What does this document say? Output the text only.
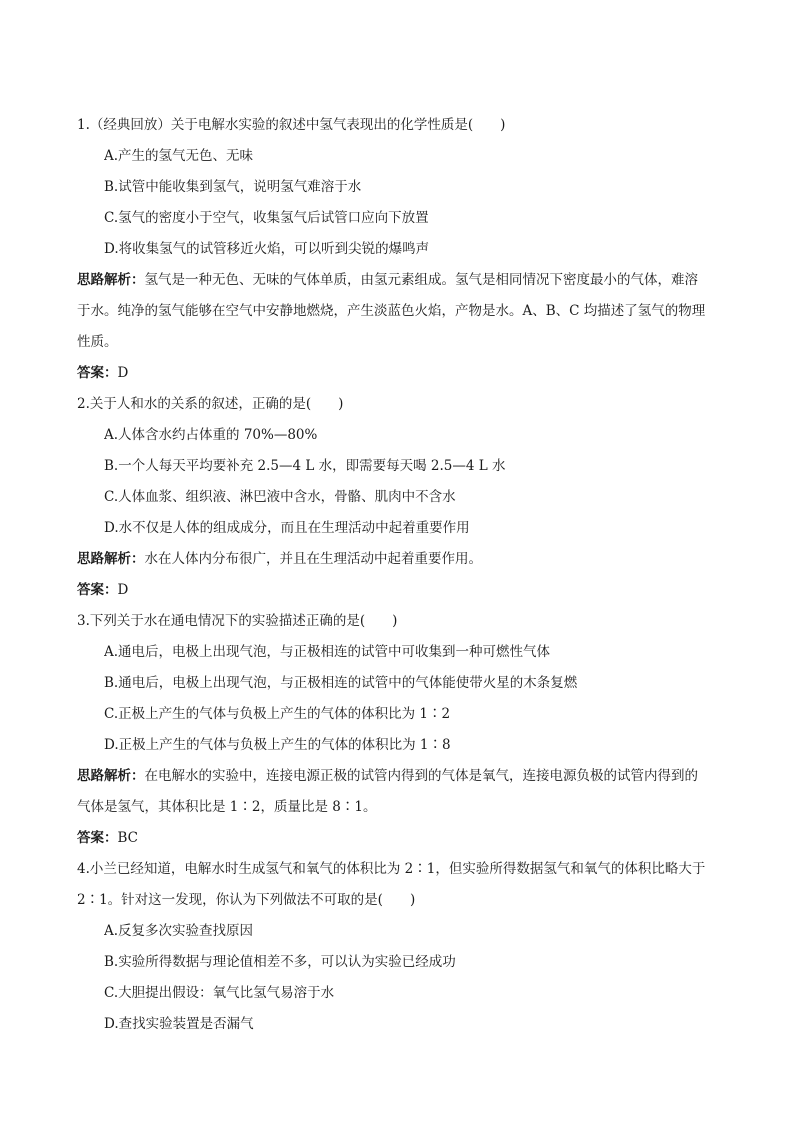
1.（经典回放）关于电解水实验的叙述中氢气表现出的化学性质是(　　)
A.产生的氢气无色、无味
B.试管中能收集到氢气，说明氢气难溶于水
C.氢气的密度小于空气，收集氢气后试管口应向下放置
D.将收集氢气的试管移近火焰，可以听到尖锐的爆鸣声
思路解析：氢气是一种无色、无味的气体单质，由氢元素组成。氢气是相同情况下密度最小的气体，难溶
于水。纯净的氢气能够在空气中安静地燃烧，产生淡蓝色火焰，产物是水。A、B、C 均描述了氢气的物理
性质。
答案：D
2.关于人和水的关系的叙述，正确的是(　　)
A.人体含水约占体重的 70%—80%
B.一个人每天平均要补充 2.5—4 L 水，即需要每天喝 2.5—4 L 水
C.人体血浆、组织液、淋巴液中含水，骨骼、肌肉中不含水
D.水不仅是人体的组成成分，而且在生理活动中起着重要作用
思路解析：水在人体内分布很广，并且在生理活动中起着重要作用。
答案：D
3.下列关于水在通电情况下的实验描述正确的是(　　)
A.通电后，电极上出现气泡，与正极相连的试管中可收集到一种可燃性气体
B.通电后，电极上出现气泡，与正极相连的试管中的气体能使带火星的木条复燃
C.正极上产生的气体与负极上产生的气体的体积比为 1∶2
D.正极上产生的气体与负极上产生的气体的体积比为 1∶8
思路解析：在电解水的实验中，连接电源正极的试管内得到的气体是氧气，连接电源负极的试管内得到的
气体是氢气，其体积比是 1∶2，质量比是 8∶1。
答案：BC
4.小兰已经知道，电解水时生成氢气和氧气的体积比为 2∶1，但实验所得数据氢气和氧气的体积比略大于
2∶1。针对这一发现，你认为下列做法不可取的是(　　)
A.反复多次实验查找原因
B.实验所得数据与理论值相差不多，可以认为实验已经成功
C.大胆提出假设：氧气比氢气易溶于水
D.查找实验装置是否漏气
